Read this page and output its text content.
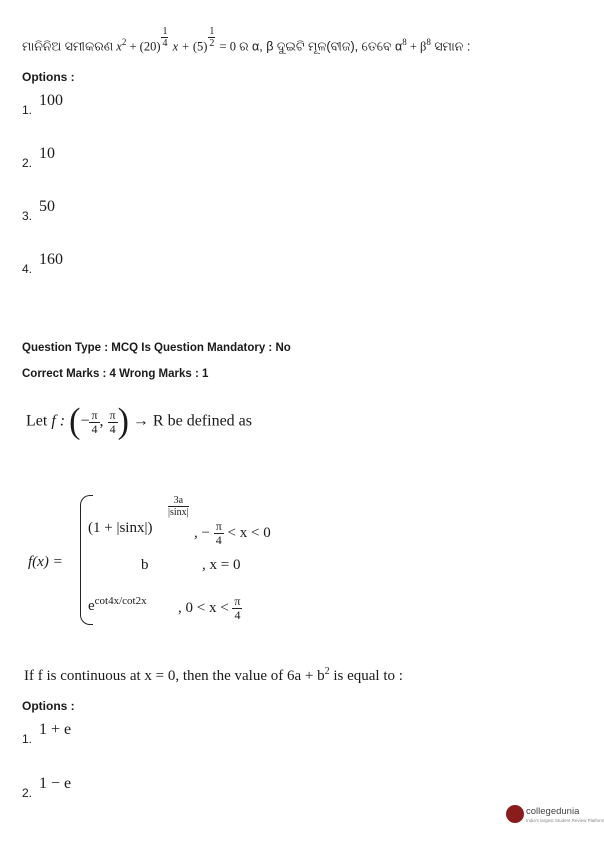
ମାନିନିଅ ସମୀକରଣ $x^2 + (20) \frac{1}{4}$ $x + (5) \frac{1}{2} = 0$ ର α, β ଦୁଇଟି ମୂଳ(ବୀଜ), ତେବେ $\alpha^8 + \beta^8$ ସମାନ :
Options :
$_{1.}$ 100
$_{2.}$ 10
$_{3.}$ 50
$_{4.}$ 160
Question Type : MCQ Is Question Mandatory : No
Correct Marks : 4 Wrong Marks : 1
Let f : (− $\frac{\pi}{4}$ , $\frac{\pi}{4}$ ) → R be defined as
f(x) =
$\frac{3a}{|\sin x|}$
(1 + |sinx|)	, − $\frac{\pi}{4} < x < 0$
b	, x = 0
$e^{cot4x/cot2x}$ , $0 < x < \frac{\pi}{4}$
If f is continuous at x = 0, then the value of $6a + b^2$ is equal to :
Options :
$_{1.}$ 1 + e
$_{2.}$ 1 − e
collegedunia
India's largest Student Review Platform
